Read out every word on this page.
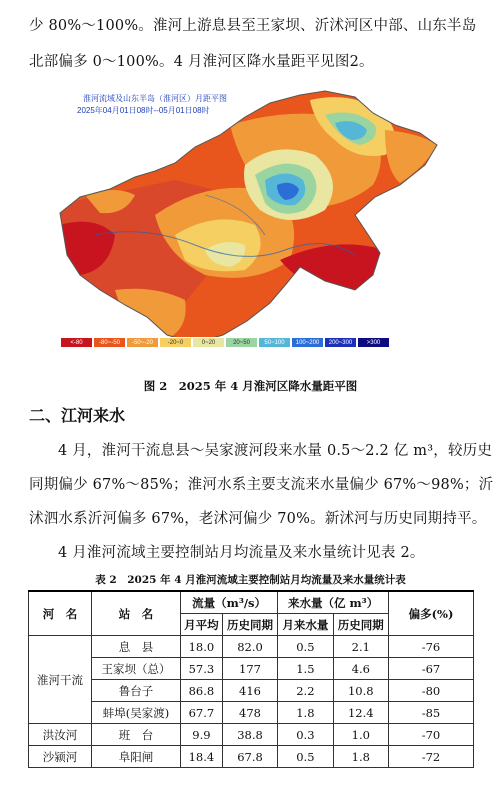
少 80%～100%。淮河上游息县至王家坝、沂沭河区中部、山东半岛
北部偏多 0～100%。4 月淮河区降水量距平见图2。
淮河流域及山东半岛（淮河区）月距平图
2025年04月01日08时--05月01日08时
<-80	-80~-50	-50~-20	-20~0	0~20	20~50	50~100	100~200	200~300	>300
图 2　2025 年 4 月淮河区降水量距平图
二、江河来水
4 月，淮河干流息县～吴家渡河段来水量 0.5～2.2 亿 m³，较历史
同期偏少 67%～85%；淮河水系主要支流来水量偏少 67%～98%；沂
沭泗水系沂河偏多 67%，老沭河偏少 70%。新沭河与历史同期持平。
4 月淮河流域主要控制站月均流量及来水量统计见表 2。
表 2　2025 年 4 月淮河流域主要控制站月均流量及来水量统计表
河　名	站　名	流量（m³/s）		来水量（亿 m³）		偏多(%)
		月平均	历史同期	月来水量	历史同期	
淮河干流	息　县	18.0	82.0	0.5	2.1	-76
	王家坝（总）	57.3	177	1.5	4.6	-67
	鲁台子	86.8	416	2.2	10.8	-80
	蚌埠(吴家渡)	67.7	478	1.8	12.4	-85
洪汝河	班　台	9.9	38.8	0.3	1.0	-70
沙颍河	阜阳闸	18.4	67.8	0.5	1.8	-72
